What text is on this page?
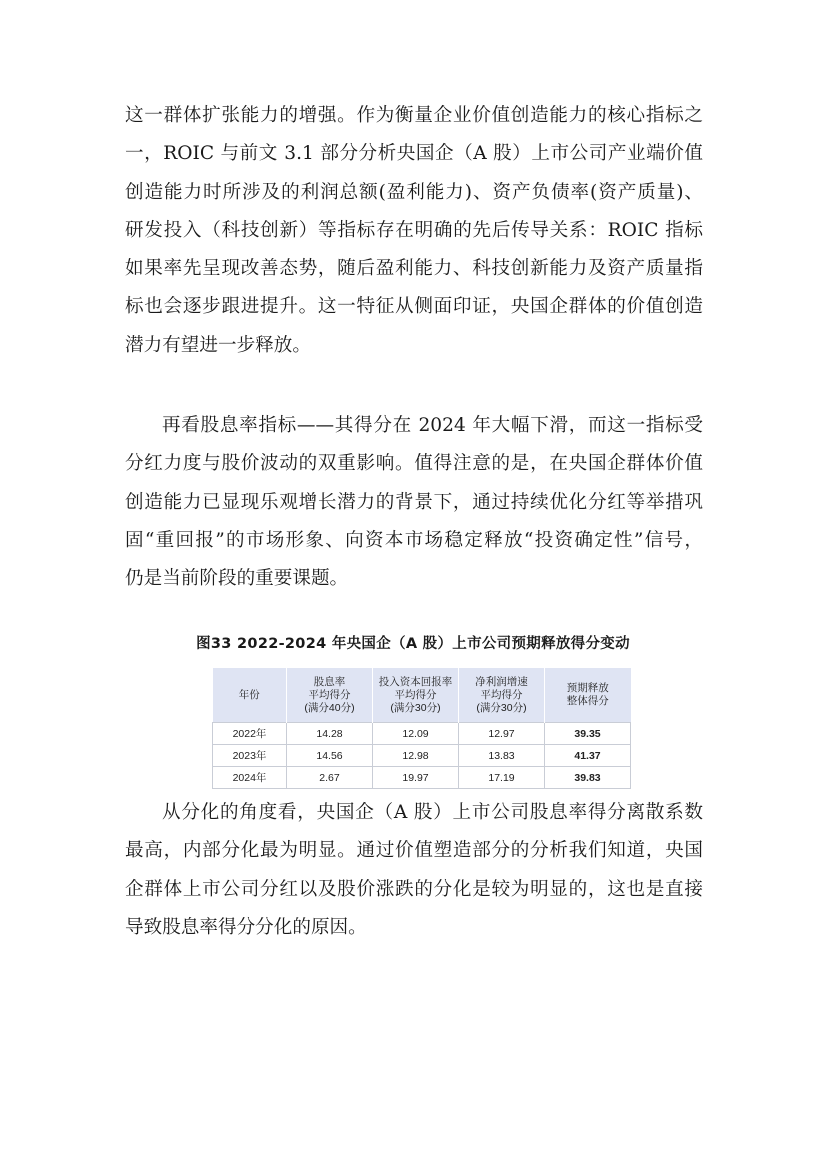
这一群体扩张能力的增强。作为衡量企业价值创造能力的核心指标之
一，ROIC 与前文 3.1 部分分析央国企（A 股）上市公司产业端价值
创造能力时所涉及的利润总额(盈利能力)、资产负债率(资产质量)、
研发投入（科技创新）等指标存在明确的先后传导关系：ROIC 指标
如果率先呈现改善态势，随后盈利能力、科技创新能力及资产质量指
标也会逐步跟进提升。这一特征从侧面印证，央国企群体的价值创造
潜力有望进一步释放。
再看股息率指标——其得分在 2024 年大幅下滑，而这一指标受
分红力度与股价波动的双重影响。值得注意的是，在央国企群体价值
创造能力已显现乐观增长潜力的背景下，通过持续优化分红等举措巩
固“重回报”的市场形象、向资本市场稳定释放“投资确定性”信号，
仍是当前阶段的重要课题。
图33 2022-2024 年央国企（A 股）上市公司预期释放得分变动
年份	股息率
平均得分
(满分40分)	投入资本回报率
平均得分
(满分30分)	净利润增速
平均得分
(满分30分)	预期释放
整体得分
2022年	14.28	12.09	12.97	39.35
2023年	14.56	12.98	13.83	41.37
2024年	2.67	19.97	17.19	39.83
从分化的角度看，央国企（A 股）上市公司股息率得分离散系数
最高，内部分化最为明显。通过价值塑造部分的分析我们知道，央国
企群体上市公司分红以及股价涨跌的分化是较为明显的，这也是直接
导致股息率得分分化的原因。
